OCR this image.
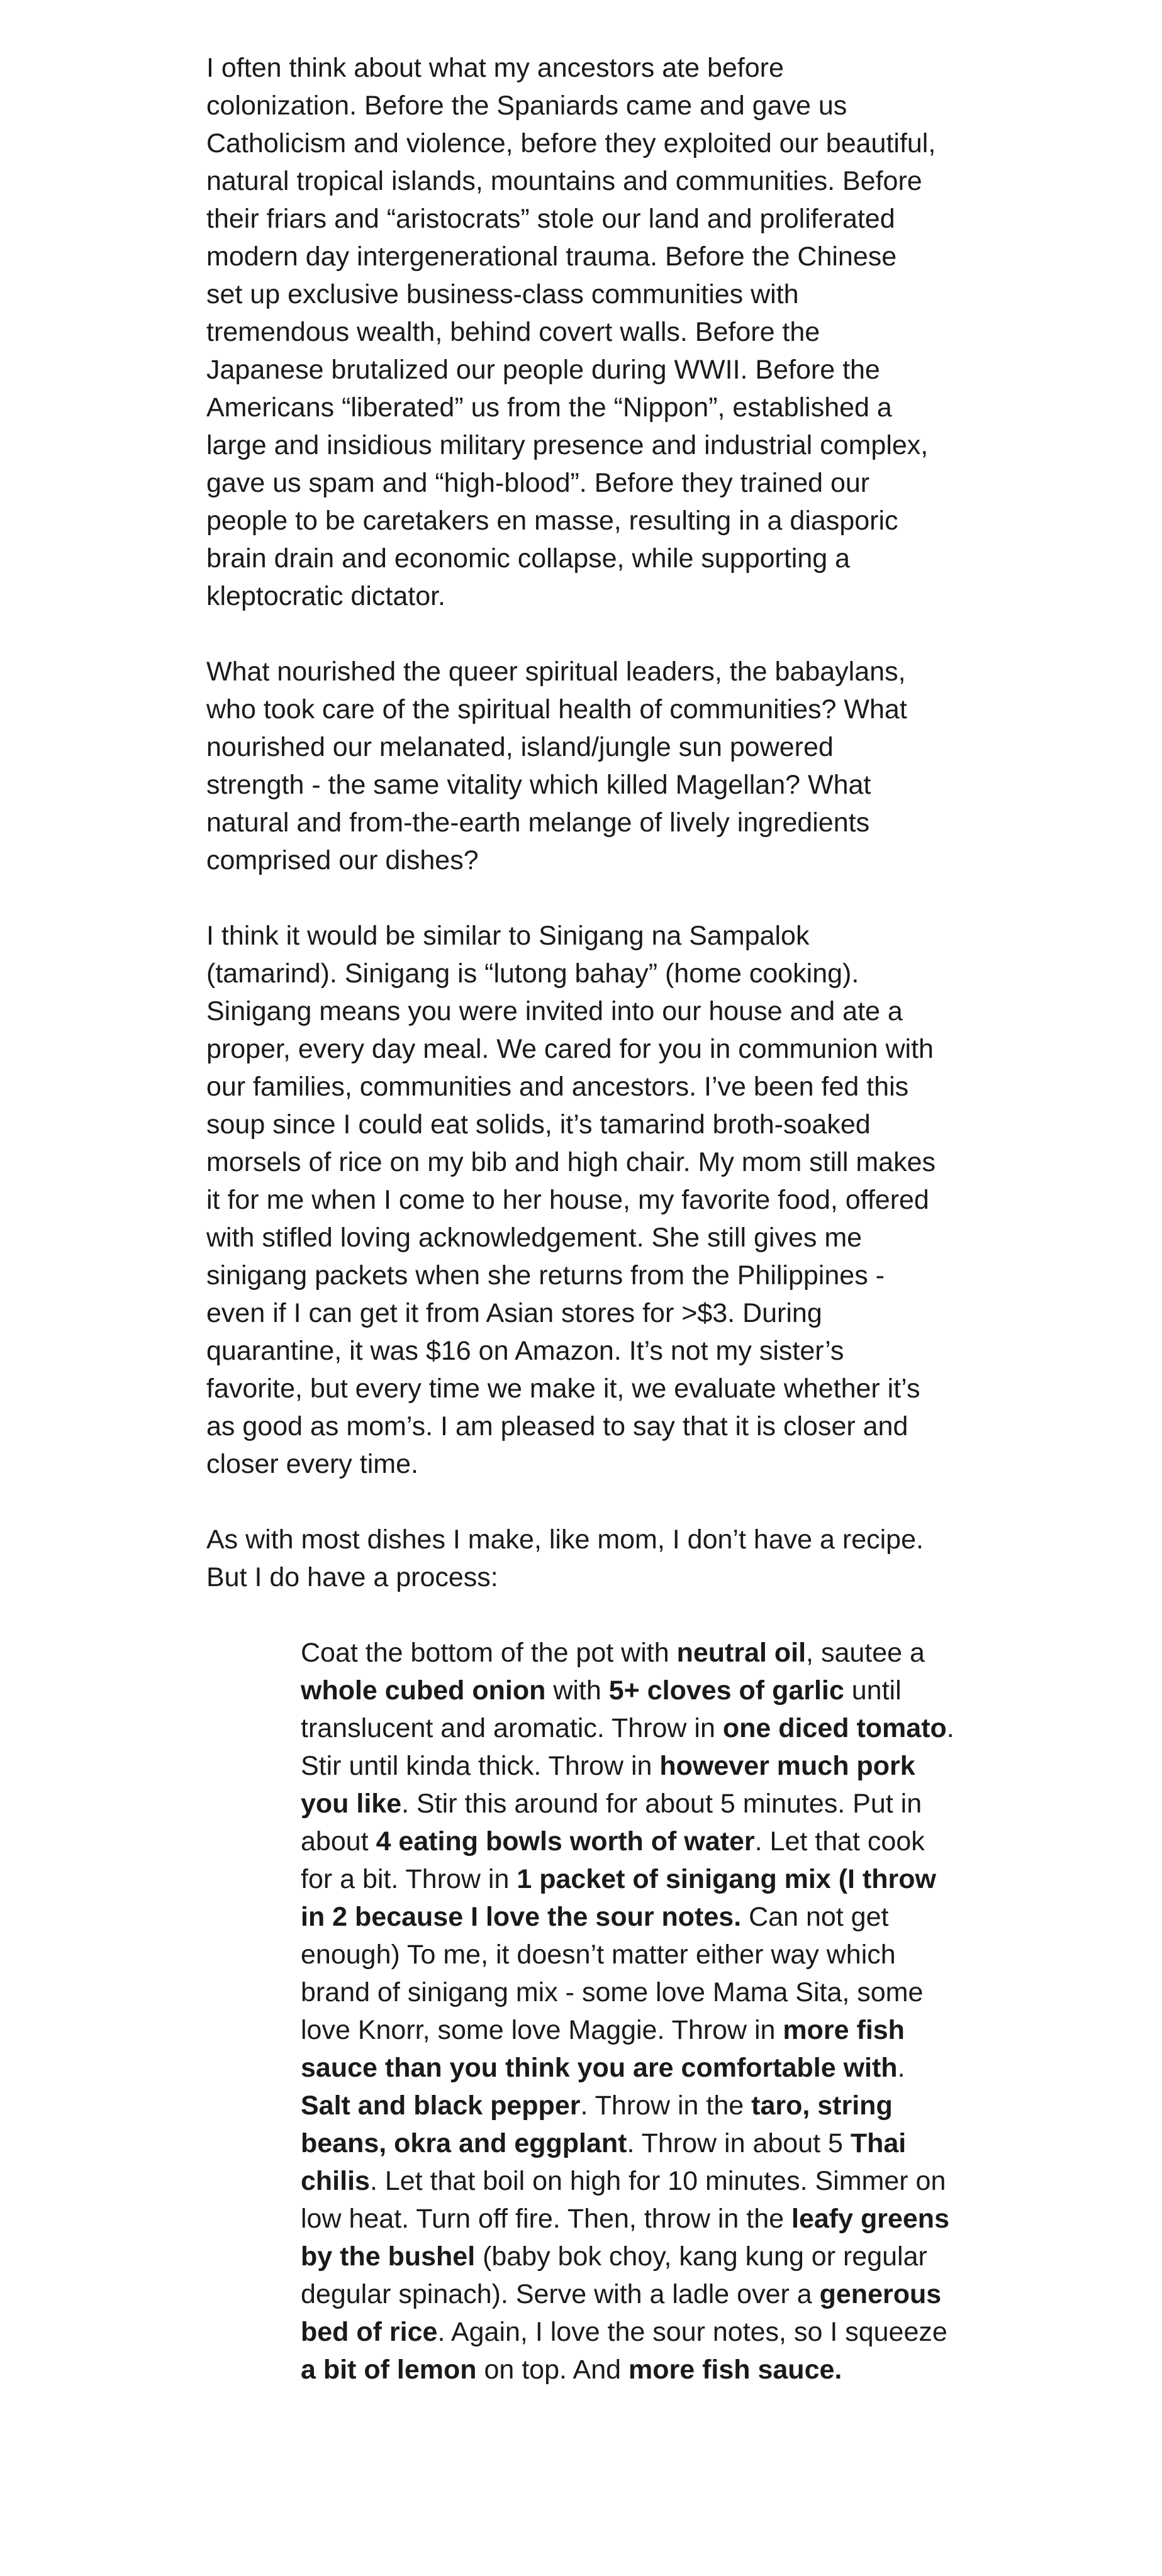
I often think about what my ancestors ate before colonization. Before the Spaniards came and gave us Catholicism and violence, before they exploited our beautiful, natural tropical islands, mountains and communities. Before their friars and “aristocrats” stole our land and proliferated modern day intergenerational trauma. Before the Chinese set up exclusive business-class communities with tremendous wealth, behind covert walls. Before the Japanese brutalized our people during WWII. Before the Americans “liberated” us from the “Nippon”, established a large and insidious military presence and industrial complex, gave us spam and “high-blood”. Before they trained our people to be caretakers en masse, resulting in a diasporic brain drain and economic collapse, while supporting a kleptocratic dictator.

What nourished the queer spiritual leaders, the babaylans, who took care of the spiritual health of communities? What nourished our melanated, island/jungle sun powered strength - the same vitality which killed Magellan? What natural and from-the-earth melange of lively ingredients comprised our dishes?

I think it would be similar to Sinigang na Sampalok (tamarind). Sinigang is “lutong bahay” (home cooking). Sinigang means you were invited into our house and ate a proper, every day meal. We cared for you in communion with our families, communities and ancestors. I’ve been fed this soup since I could eat solids, it’s tamarind broth-soaked morsels of rice on my bib and high chair. My mom still makes it for me when I come to her house, my favorite food, offered with stifled loving acknowledgement. She still gives me sinigang packets when she returns from the Philippines - even if I can get it from Asian stores for >$3. During quarantine, it was $16 on Amazon. It’s not my sister’s favorite, but every time we make it, we evaluate whether it’s as good as mom’s. I am pleased to say that it is closer and closer every time.

As with most dishes I make, like mom, I don’t have a recipe. But I do have a process:

Coat the bottom of the pot with neutral oil, sautee a whole cubed onion with 5+ cloves of garlic until translucent and aromatic. Throw in one diced tomato. Stir until kinda thick. Throw in however much pork you like. Stir this around for about 5 minutes. Put in about 4 eating bowls worth of water. Let that cook for a bit. Throw in 1 packet of sinigang mix (I throw in 2 because I love the sour notes. Can not get enough) To me, it doesn’t matter either way which brand of sinigang mix - some love Mama Sita, some love Knorr, some love Maggie. Throw in more fish sauce than you think you are comfortable with. Salt and black pepper. Throw in the taro, string beans, okra and eggplant. Throw in about 5 Thai chilis. Let that boil on high for 10 minutes. Simmer on low heat. Turn off fire. Then, throw in the leafy greens by the bushel (baby bok choy, kang kung or regular degular spinach). Serve with a ladle over a generous bed of rice. Again, I love the sour notes, so I squeeze a bit of lemon on top. And more fish sauce.
